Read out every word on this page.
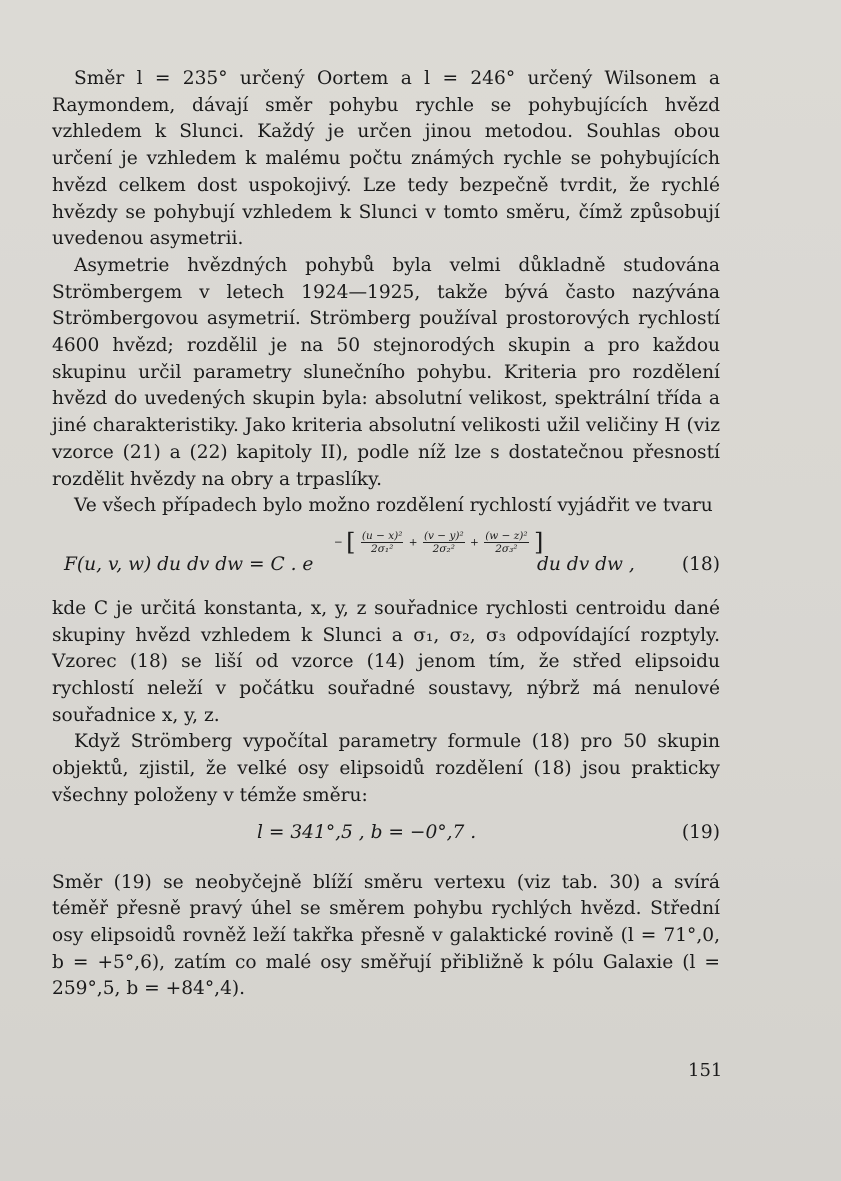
Směr l = 235° určený Oortem a l = 246° určený Wilsonem a Raymondem, dávají směr pohybu rychle se pohybujících hvězd vzhledem k Slunci. Každý je určen jinou metodou. Souhlas obou určení je vzhledem k malému počtu známých rychle se pohybujících hvězd celkem dost uspokojivý. Lze tedy bezpečně tvrdit, že rychlé hvězdy se pohybují vzhledem k Slunci v tomto směru, čímž způsobují uvedenou asymetrii.

Asymetrie hvězdných pohybů byla velmi důkladně studována Strömbergem v letech 1924—1925, takže bývá často nazývána Strömbergovou asymetrií. Strömberg používal prostorových rychlostí 4600 hvězd; rozdělil je na 50 stejnorodých skupin a pro každou skupinu určil parametry slunečního pohybu. Kriteria pro rozdělení hvězd do uvedených skupin byla: absolutní velikost, spektrální třída a jiné charakteristiky. Jako kriteria absolutní velikosti užil veličiny H (viz vzorce (21) a (22) kapitoly II), podle níž lze s dostatečnou přesností rozdělit hvězdy na obry a trpaslíky.

Ve všech případech bylo možno rozdělení rychlostí vyjádřit ve tvaru

F(u, v, w) du dv dw = C . e
− [ $\frac{\text{(u − x)²}}{\text{2σ₁²}} + \frac{\text{(v − y)²}}{\text{2σ₂²}} + \frac{\text{(w − z)²}}{\text{2σ₃²}}$ ]
du dv dw ,	(18)

kde C je určitá konstanta, x, y, z souřadnice rychlosti centroidu dané skupiny hvězd vzhledem k Slunci a σ₁, σ₂, σ₃ odpovídající rozptyly. Vzorec (18) se liší od vzorce (14) jenom tím, že střed elipsoidu rychlostí neleží v počátku souřadné soustavy, nýbrž má nenulové souřadnice x, y, z.

Když Strömberg vypočítal parametry formule (18) pro 50 skupin objektů, zjistil, že velké osy elipsoidů rozdělení (18) jsou prakticky všechny položeny v témže směru:

l = 341°,5 , b = −0°,7 .	(19)

Směr (19) se neobyčejně blíží směru vertexu (viz tab. 30) a svírá téměř přesně pravý úhel se směrem pohybu rychlých hvězd. Střední osy elipsoidů rovněž leží takřka přesně v galaktické rovině (l = 71°,0, b = +5°,6), zatím co malé osy směřují přibližně k pólu Galaxie (l = 259°,5, b = +84°,4).

151
